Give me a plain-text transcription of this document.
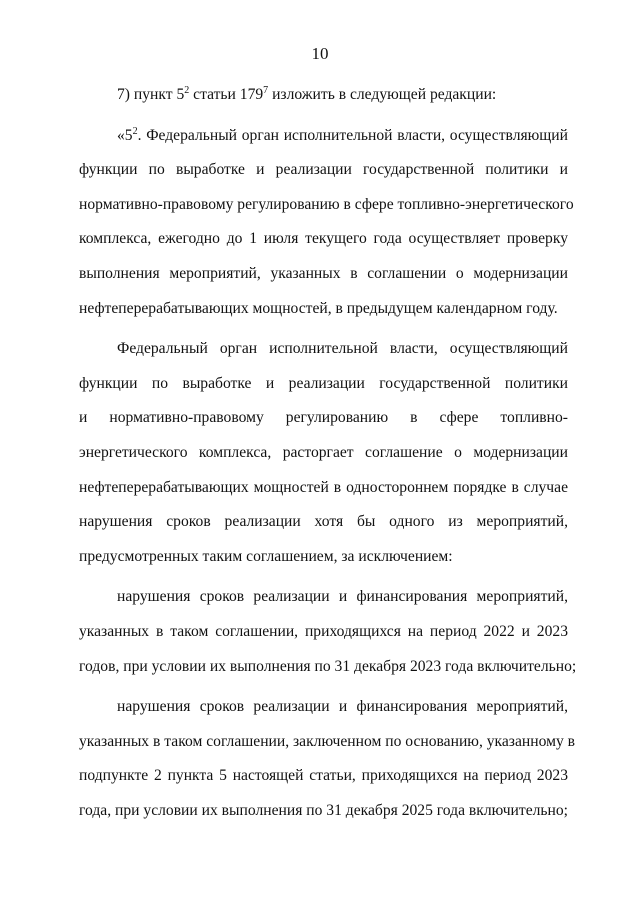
10
7) пункт $5^2$ статьи $179^7$ изложить в следующей редакции:
«$5^2$. Федеральный орган исполнительной власти, осуществляющий
функции по выработке и реализации государственной политики и
нормативно-правовому регулированию в сфере топливно-энергетического
комплекса, ежегодно до 1 июля текущего года осуществляет проверку
выполнения мероприятий, указанных в соглашении о модернизации
нефтеперерабатывающих мощностей, в предыдущем календарном году.
Федеральный орган исполнительной власти, осуществляющий
функции по выработке и реализации государственной политики
и нормативно-правовому регулированию в сфере топливно-
энергетического комплекса, расторгает соглашение о модернизации
нефтеперерабатывающих мощностей в одностороннем порядке в случае
нарушения сроков реализации хотя бы одного из мероприятий,
предусмотренных таким соглашением, за исключением:
нарушения сроков реализации и финансирования мероприятий,
указанных в таком соглашении, приходящихся на период 2022 и 2023
годов, при условии их выполнения по 31 декабря 2023 года включительно;
нарушения сроков реализации и финансирования мероприятий,
указанных в таком соглашении, заключенном по основанию, указанному в
подпункте 2 пункта 5 настоящей статьи, приходящихся на период 2023
года, при условии их выполнения по 31 декабря 2025 года включительно;
